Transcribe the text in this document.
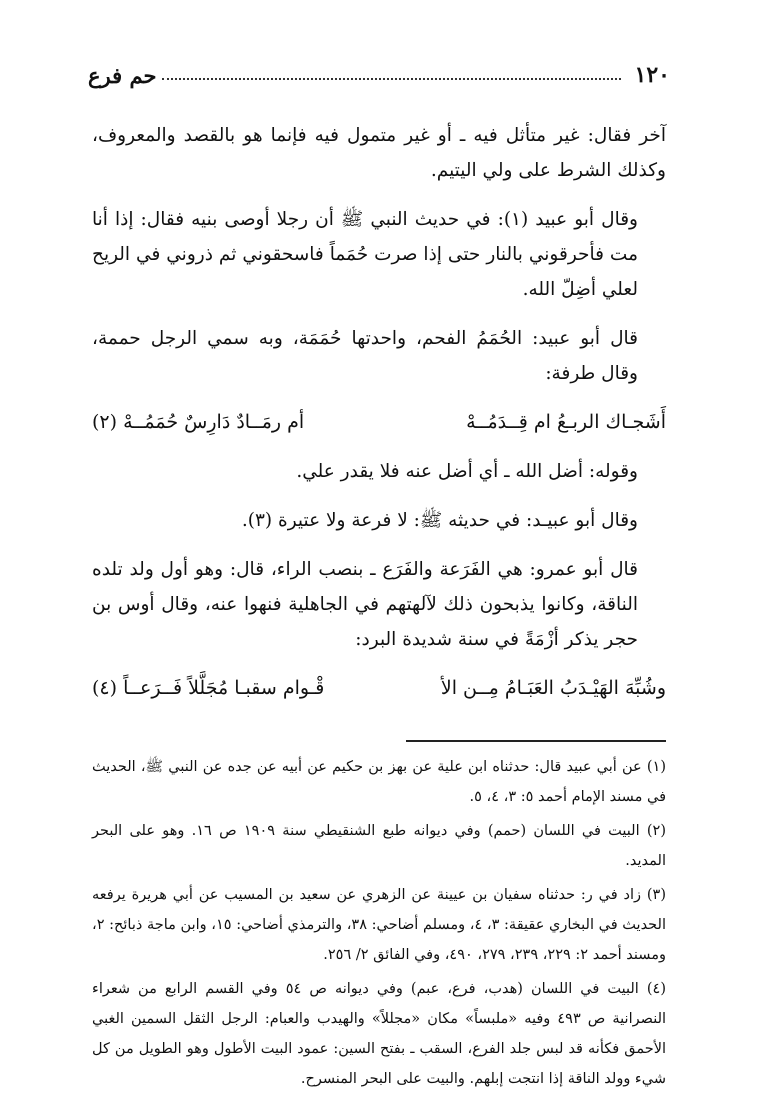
١٢٠
حم فرع

آخر فقال: غير متأثل فيه ـ أو غير متمول فيه فإنما هو بالقصد والمعروف، وكذلك الشرط على ولي اليتيم.

وقال أبو عبيد (١): في حديث النبي ﷺ أن رجلا أوصى بنيه فقال: إذا أنا مت فأحرقوني بالنار حتى إذا صرت حُمَماً فاسحقوني ثم ذروني في الريح لعلي أضِلّ الله.

قال أبو عبيد: الحُمَمُ الفحم، واحدتها حُمَمَة، وبه سمي الرجل حممة، وقال طرفة:

أَشَجـاك الربـعُ ام قِــدَمُــهْ
أم رمَــادٌ دَارِسٌ حُمَمُــهْ (٢)

وقوله: أضل الله ـ أي أضل عنه فلا يقدر علي.

وقال أبو عبيـد: في حديثه ﷺ: لا فرعة ولا عتيرة (٣).

قال أبو عمرو: هي الفَرَعة والفَرَع ـ بنصب الراء، قال: وهو أول ولد تلده الناقة، وكانوا يذبحون ذلك لآلهتهم في الجاهلية فنهوا عنه، وقال أوس بن حجر يذكر أزْمَةً في سنة شديدة البرد:

وشُبِّهَ الهَيْـدَبُ العَبَـامُ مِــن الأ
قْـوام سقبـا مُجَلَّلاً فَــرَعــاً (٤)

(١) عن أبي عبيد قال: حدثناه ابن علية عن بهز بن حكيم عن أبيه عن جده عن النبي ﷺ، الحديث في مسند الإمام أحمد ٥: ٣، ٤، ٥.

(٢) البيت في اللسان (حمم) وفي ديوانه طبع الشنقيطي سنة ١٩٠٩ ص ١٦. وهو على البحر المديد.

(٣) زاد في ر: حدثناه سفيان بن عيينة عن الزهري عن سعيد بن المسيب عن أبي هريرة يرفعه الحديث في البخاري عقيقة: ٣، ٤، ومسلم أضاحي: ٣٨، والترمذي أضاحي: ١٥، وابن ماجة ذبائح: ٢، ومسند أحمد ٢: ٢٢٩، ٢٣٩، ٢٧٩، ٤٩٠، وفي الفائق ٢/ ٢٥٦.

(٤) البيت في اللسان (هدب، فرع، عبم) وفي ديوانه ص ٥٤ وفي القسم الرابع من شعراء النصرانية ص ٤٩٣ وفيه «ملبساً» مكان «مجللاً» والهيدب والعبام: الرجل الثقل السمين الغبي الأحمق فكأنه قد لبس جلد الفرع، السقب ـ بفتح السين: عمود البيت الأطول وهو الطويل من كل شيء وولد الناقة إذا انتجت إبلهم. والبيت على البحر المنسرح.
